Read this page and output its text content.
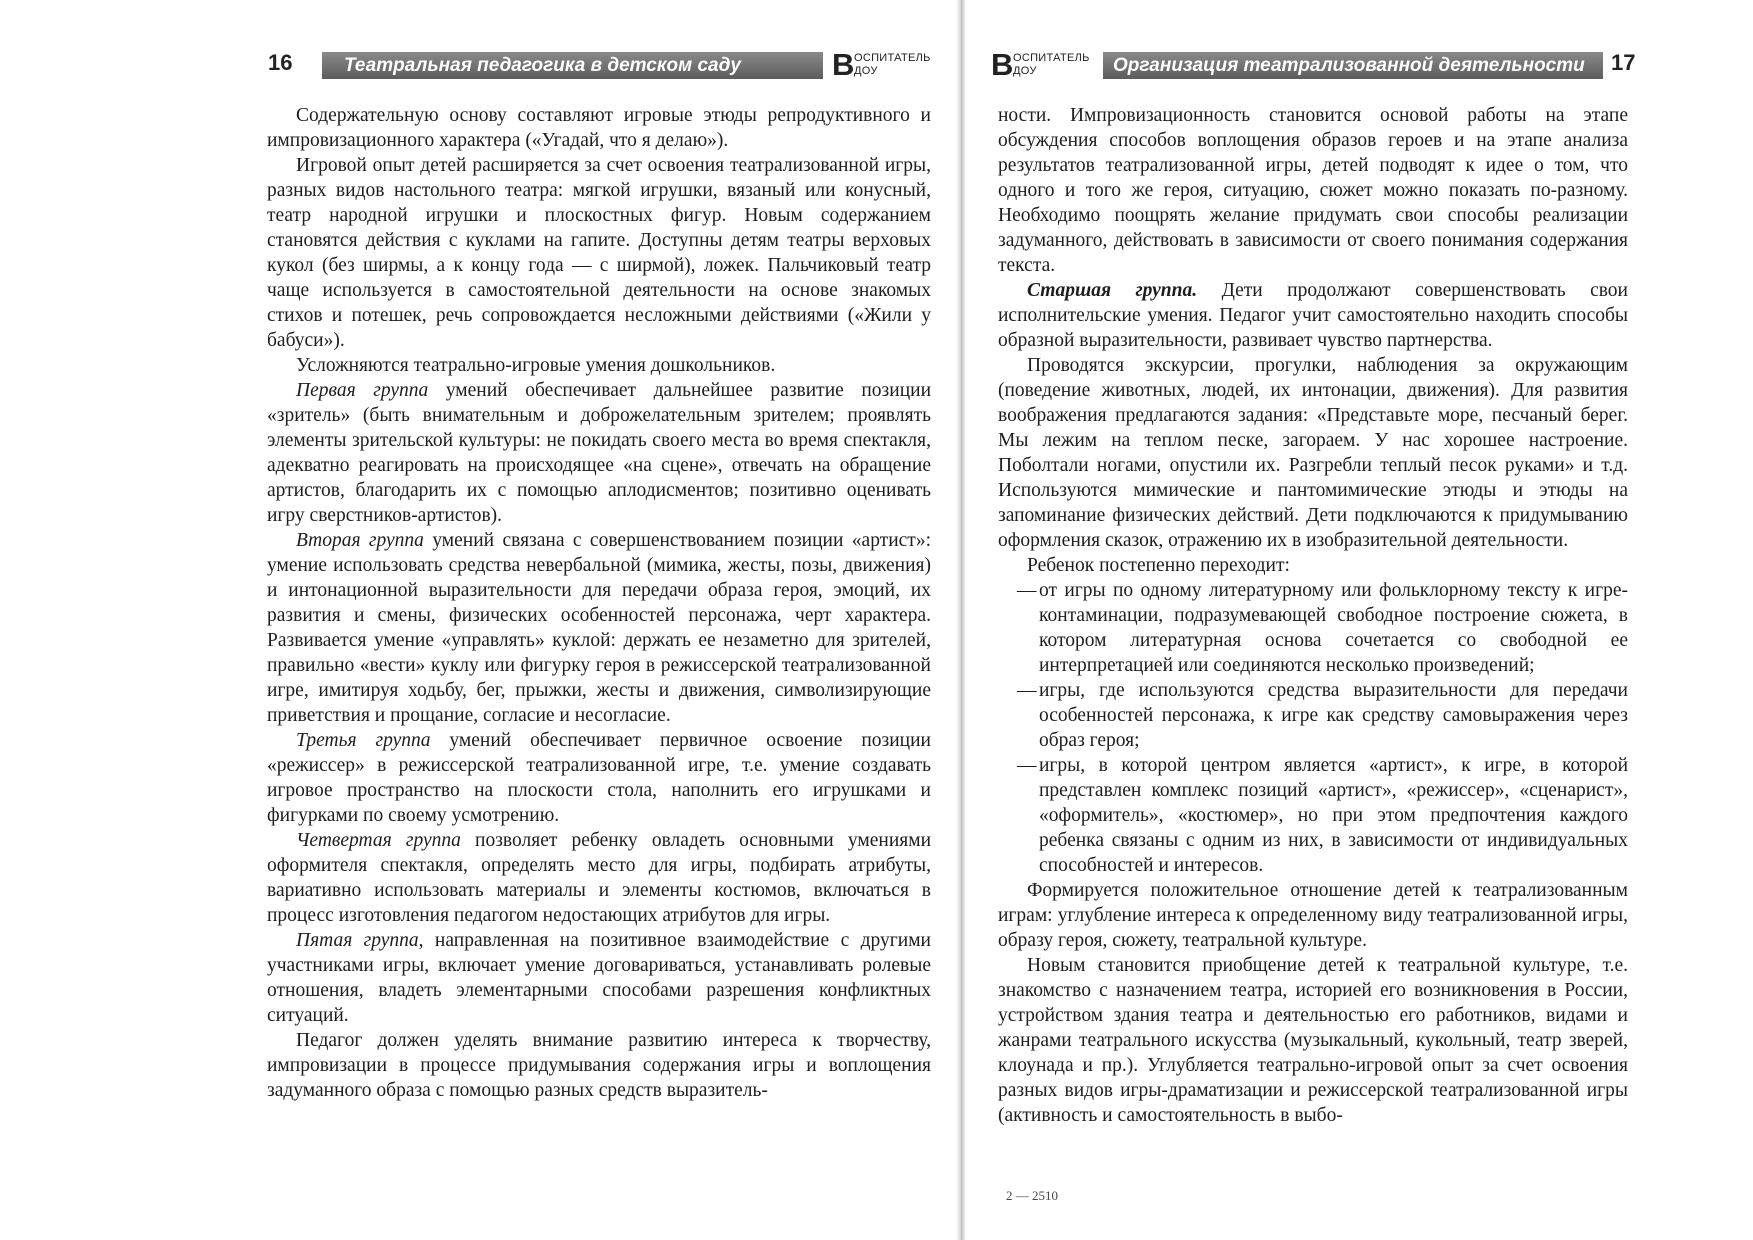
16	Театральная педагогика в детском саду	В ОСПИТАТЕЛЬ
ДОУ

Содержательную основу составляют игровые этюды репродуктивного и импровизационного характера («Угадай, что я делаю»).

Игровой опыт детей расширяется за счет освоения театрализованной игры, разных видов настольного театра: мягкой игрушки, вязаный или конусный, театр народной игрушки и плоскостных фигур. Новым содержанием становятся действия с куклами на гапите. Доступны детям театры верховых кукол (без ширмы, а к концу года — с ширмой), ложек. Пальчиковый театр чаще используется в самостоятельной деятельности на основе знакомых стихов и потешек, речь сопровождается несложными действиями («Жили у бабуси»).

Усложняются театрально-игровые умения дошкольников.

Первая группа умений обеспечивает дальнейшее развитие позиции «зритель» (быть внимательным и доброжелательным зрителем; проявлять элементы зрительской культуры: не покидать своего места во время спектакля, адекватно реагировать на происходящее «на сцене», отвечать на обращение артистов, благодарить их с помощью аплодисментов; позитивно оценивать игру сверстников-артистов).

Вторая группа умений связана с совершенствованием позиции «артист»: умение использовать средства невербальной (мимика, жесты, позы, движения) и интонационной выразительности для передачи образа героя, эмоций, их развития и смены, физических особенностей персонажа, черт характера. Развивается умение «управлять» куклой: держать ее незаметно для зрителей, правильно «вести» куклу или фигурку героя в режиссерской театрализованной игре, имитируя ходьбу, бег, прыжки, жесты и движения, символизирующие приветствия и прощание, согласие и несогласие.

Третья группа умений обеспечивает первичное освоение позиции «режиссер» в режиссерской театрализованной игре, т.е. умение создавать игровое пространство на плоскости стола, наполнить его игрушками и фигурками по своему усмотрению.

Четвертая группа позволяет ребенку овладеть основными умениями оформителя спектакля, определять место для игры, подбирать атрибуты, вариативно использовать материалы и элементы костюмов, включаться в процесс изготовления педагогом недостающих атрибутов для игры.

Пятая группа, направленная на позитивное взаимодействие с другими участниками игры, включает умение договариваться, устанавливать ролевые отношения, владеть элементарными способами разрешения конфликтных ситуаций.

Педагог должен уделять внимание развитию интереса к творчеству, импровизации в процессе придумывания содержания игры и воплощения задуманного образа с помощью разных средств выразитель-

В ОСПИТАТЕЛЬ
ДОУ	Организация театрализованной деятельности	17

ности. Импровизационность становится основой работы на этапе обсуждения способов воплощения образов героев и на этапе анализа результатов театрализованной игры, детей подводят к идее о том, что одного и того же героя, ситуацию, сюжет можно показать по-разному. Необходимо поощрять желание придумать свои способы реализации задуманного, действовать в зависимости от своего понимания содержания текста.

Старшая группа. Дети продолжают совершенствовать свои исполнительские умения. Педагог учит самостоятельно находить способы образной выразительности, развивает чувство партнерства.

Проводятся экскурсии, прогулки, наблюдения за окружающим (поведение животных, людей, их интонации, движения). Для развития воображения предлагаются задания: «Представьте море, песчаный берег. Мы лежим на теплом песке, загораем. У нас хорошее настроение. Поболтали ногами, опустили их. Разгребли теплый песок руками» и т.д. Используются мимические и пантомимические этюды и этюды на запоминание физических действий. Дети подключаются к придумыванию оформления сказок, отражению их в изобразительной деятельности.

Ребенок постепенно переходит:

— от игры по одному литературному или фольклорному тексту к игре-контаминации, подразумевающей свободное построение сюжета, в котором литературная основа сочетается со свободной ее интерпретацией или соединяются несколько произведений;
— игры, где используются средства выразительности для передачи особенностей персонажа, к игре как средству самовыражения через образ героя;
— игры, в которой центром является «артист», к игре, в которой представлен комплекс позиций «артист», «режиссер», «сценарист», «оформитель», «костюмер», но при этом предпочтения каждого ребенка связаны с одним из них, в зависимости от индивидуальных способностей и интересов.

Формируется положительное отношение детей к театрализованным играм: углубление интереса к определенному виду театрализованной игры, образу героя, сюжету, театральной культуре.

Новым становится приобщение детей к театральной культуре, т.е. знакомство с назначением театра, историей его возникновения в России, устройством здания театра и деятельностью его работников, видами и жанрами театрального искусства (музыкальный, кукольный, театр зверей, клоунада и пр.). Углубляется театрально-игровой опыт за счет освоения разных видов игры-драматизации и режиссерской театрализованной игры (активность и самостоятельность в выбо-

2 — 2510
